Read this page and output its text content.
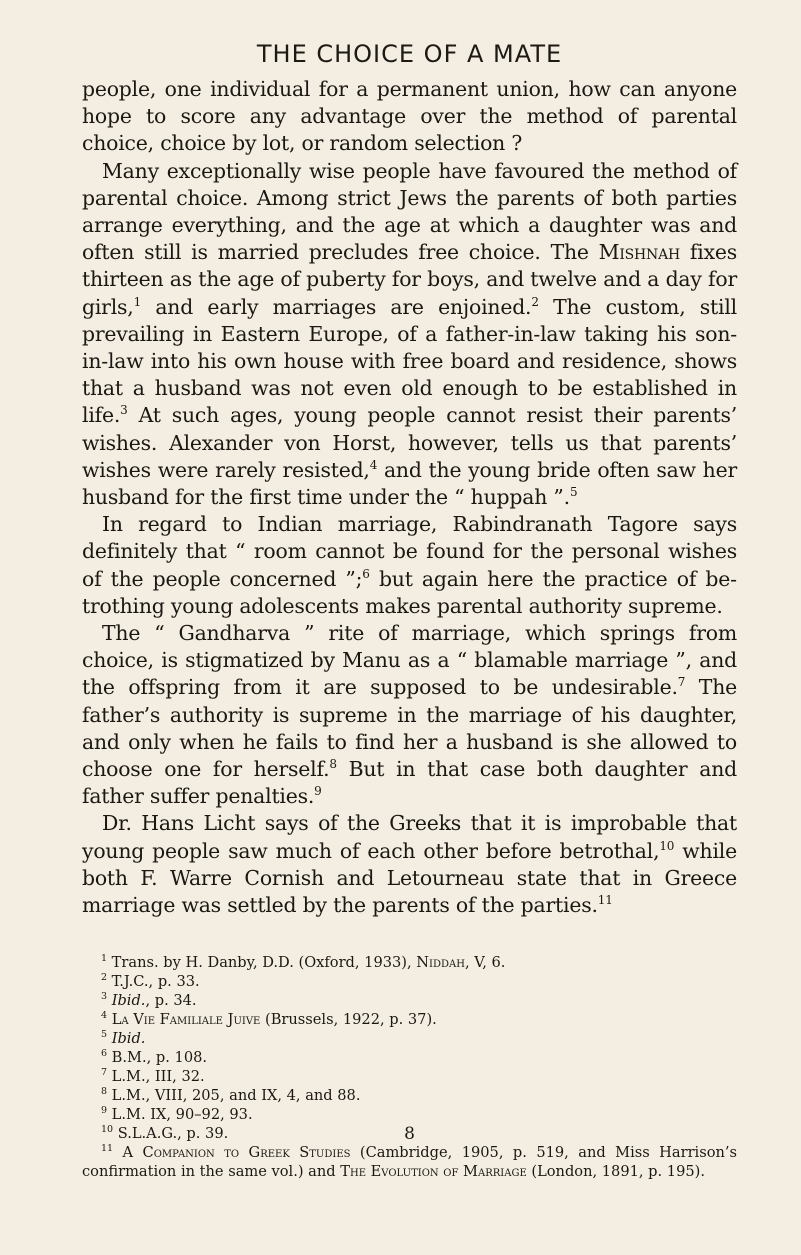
THE CHOICE OF A MATE

people, one individual for a permanent union, how can anyone hope to score any advantage over the method of parental choice, choice by lot, or random selection ?

Many exceptionally wise people have favoured the method of parental choice. Among strict Jews the parents of both parties arrange everything, and the age at which a daughter was and often still is married precludes free choice. The Mishnah fixes thirteen as the age of puberty for boys, and twelve and a day for girls,$^1$ and early marriages are enjoined.$^2$ The custom, still prevailing in Eastern Europe, of a father-in-law taking his son-in-law into his own house with free board and residence, shows that a husband was not even old enough to be established in life.$^3$ At such ages, young people cannot resist their parents’ wishes. Alexander von Horst, however, tells us that parents’ wishes were rarely resisted,$^4$ and the young bride often saw her husband for the first time under the “ huppah ”.$^5$

In regard to Indian marriage, Rabindranath Tagore says definitely that “ room cannot be found for the personal wishes of the people concerned ”;$^6$ but again here the practice of betrothing young adolescents makes parental authority supreme.

The “ Gandharva ” rite of marriage, which springs from choice, is stigmatized by Manu as a “ blamable marriage ”, and the offspring from it are supposed to be undesirable.$^7$ The father’s authority is supreme in the marriage of his daughter, and only when he fails to find her a husband is she allowed to choose one for herself.$^8$ But in that case both daughter and father suffer penalties.$^9$

Dr. Hans Licht says of the Greeks that it is improbable that young people saw much of each other before betrothal,$^{10}$ while both F. Warre Cornish and Letourneau state that in Greece marriage was settled by the parents of the parties.$^{11}$

$^1$ Trans. by H. Danby, D.D. (Oxford, 1933), Niddah, V, 6.
$^2$ T.J.C., p. 33.
$^3$ Ibid., p. 34.
$^4$ La Vie Familiale Juive (Brussels, 1922, p. 37).
$^5$ Ibid.
$^6$ B.M., p. 108.
$^7$ L.M., III, 32.
$^8$ L.M., VIII, 205, and IX, 4, and 88.
$^9$ L.M. IX, 90–92, 93.
$^{10}$ S.L.A.G., p. 39.
$^{11}$ A Companion to Greek Studies (Cambridge, 1905, p. 519, and Miss Harrison’s confirmation in the same vol.) and The Evolution of Marriage (London, 1891, p. 195).
8
